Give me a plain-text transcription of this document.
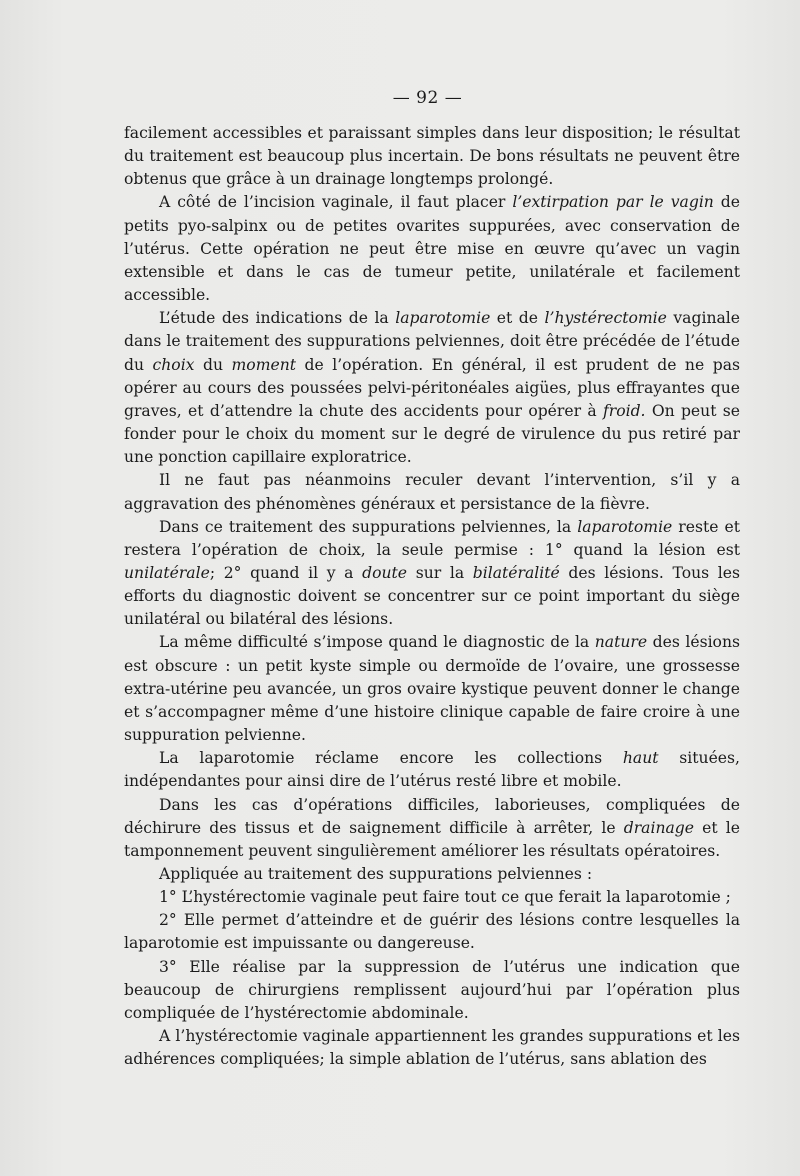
— 92 —

facilement accessibles et paraissant simples dans leur disposition; le résultat du traitement est beaucoup plus incertain. De bons résultats ne peuvent être obtenus que grâce à un drainage longtemps prolongé.

A côté de l’incision vaginale, il faut placer l’extirpation par le vagin de petits pyo-salpinx ou de petites ovarites suppurées, avec conservation de l’utérus. Cette opération ne peut être mise en œuvre qu’avec un vagin extensible et dans le cas de tumeur petite, unilatérale et facilement accessible.

L’étude des indications de la laparotomie et de l’hystérectomie vaginale dans le traitement des suppurations pelviennes, doit être précédée de l’étude du choix du moment de l’opération. En général, il est prudent de ne pas opérer au cours des poussées pelvi-péritonéales aigües, plus effrayantes que graves, et d’attendre la chute des accidents pour opérer à froid. On peut se fonder pour le choix du moment sur le degré de virulence du pus retiré par une ponction capillaire exploratrice.

Il ne faut pas néanmoins reculer devant l’intervention, s’il y a aggravation des phénomènes généraux et persistance de la fièvre.

Dans ce traitement des suppurations pelviennes, la laparotomie reste et restera l’opération de choix, la seule permise : 1° quand la lésion est unilatérale; 2° quand il y a doute sur la bilatéralité des lésions. Tous les efforts du diagnostic doivent se concentrer sur ce point important du siège unilatéral ou bilatéral des lésions.

La même difficulté s’impose quand le diagnostic de la nature des lésions est obscure : un petit kyste simple ou dermoïde de l’ovaire, une grossesse extra-utérine peu avancée, un gros ovaire kystique peuvent donner le change et s’accompagner même d’une histoire clinique capable de faire croire à une suppuration pelvienne.

La laparotomie réclame encore les collections haut situées, indépendantes pour ainsi dire de l’utérus resté libre et mobile.

Dans les cas d’opérations difficiles, laborieuses, compliquées de déchirure des tissus et de saignement difficile à arrêter, le drainage et le tamponnement peuvent singulièrement améliorer les résultats opératoires.

Appliquée au traitement des suppurations pelviennes :

1° L’hystérectomie vaginale peut faire tout ce que ferait la laparotomie ;

2° Elle permet d’atteindre et de guérir des lésions contre lesquelles la laparotomie est impuissante ou dangereuse.

3° Elle réalise par la suppression de l’utérus une indication que beaucoup de chirurgiens remplissent aujourd’hui par l’opération plus compliquée de l’hystérectomie abdominale.

A l’hystérectomie vaginale appartiennent les grandes suppurations et les adhérences compliquées; la simple ablation de l’utérus, sans ablation des
